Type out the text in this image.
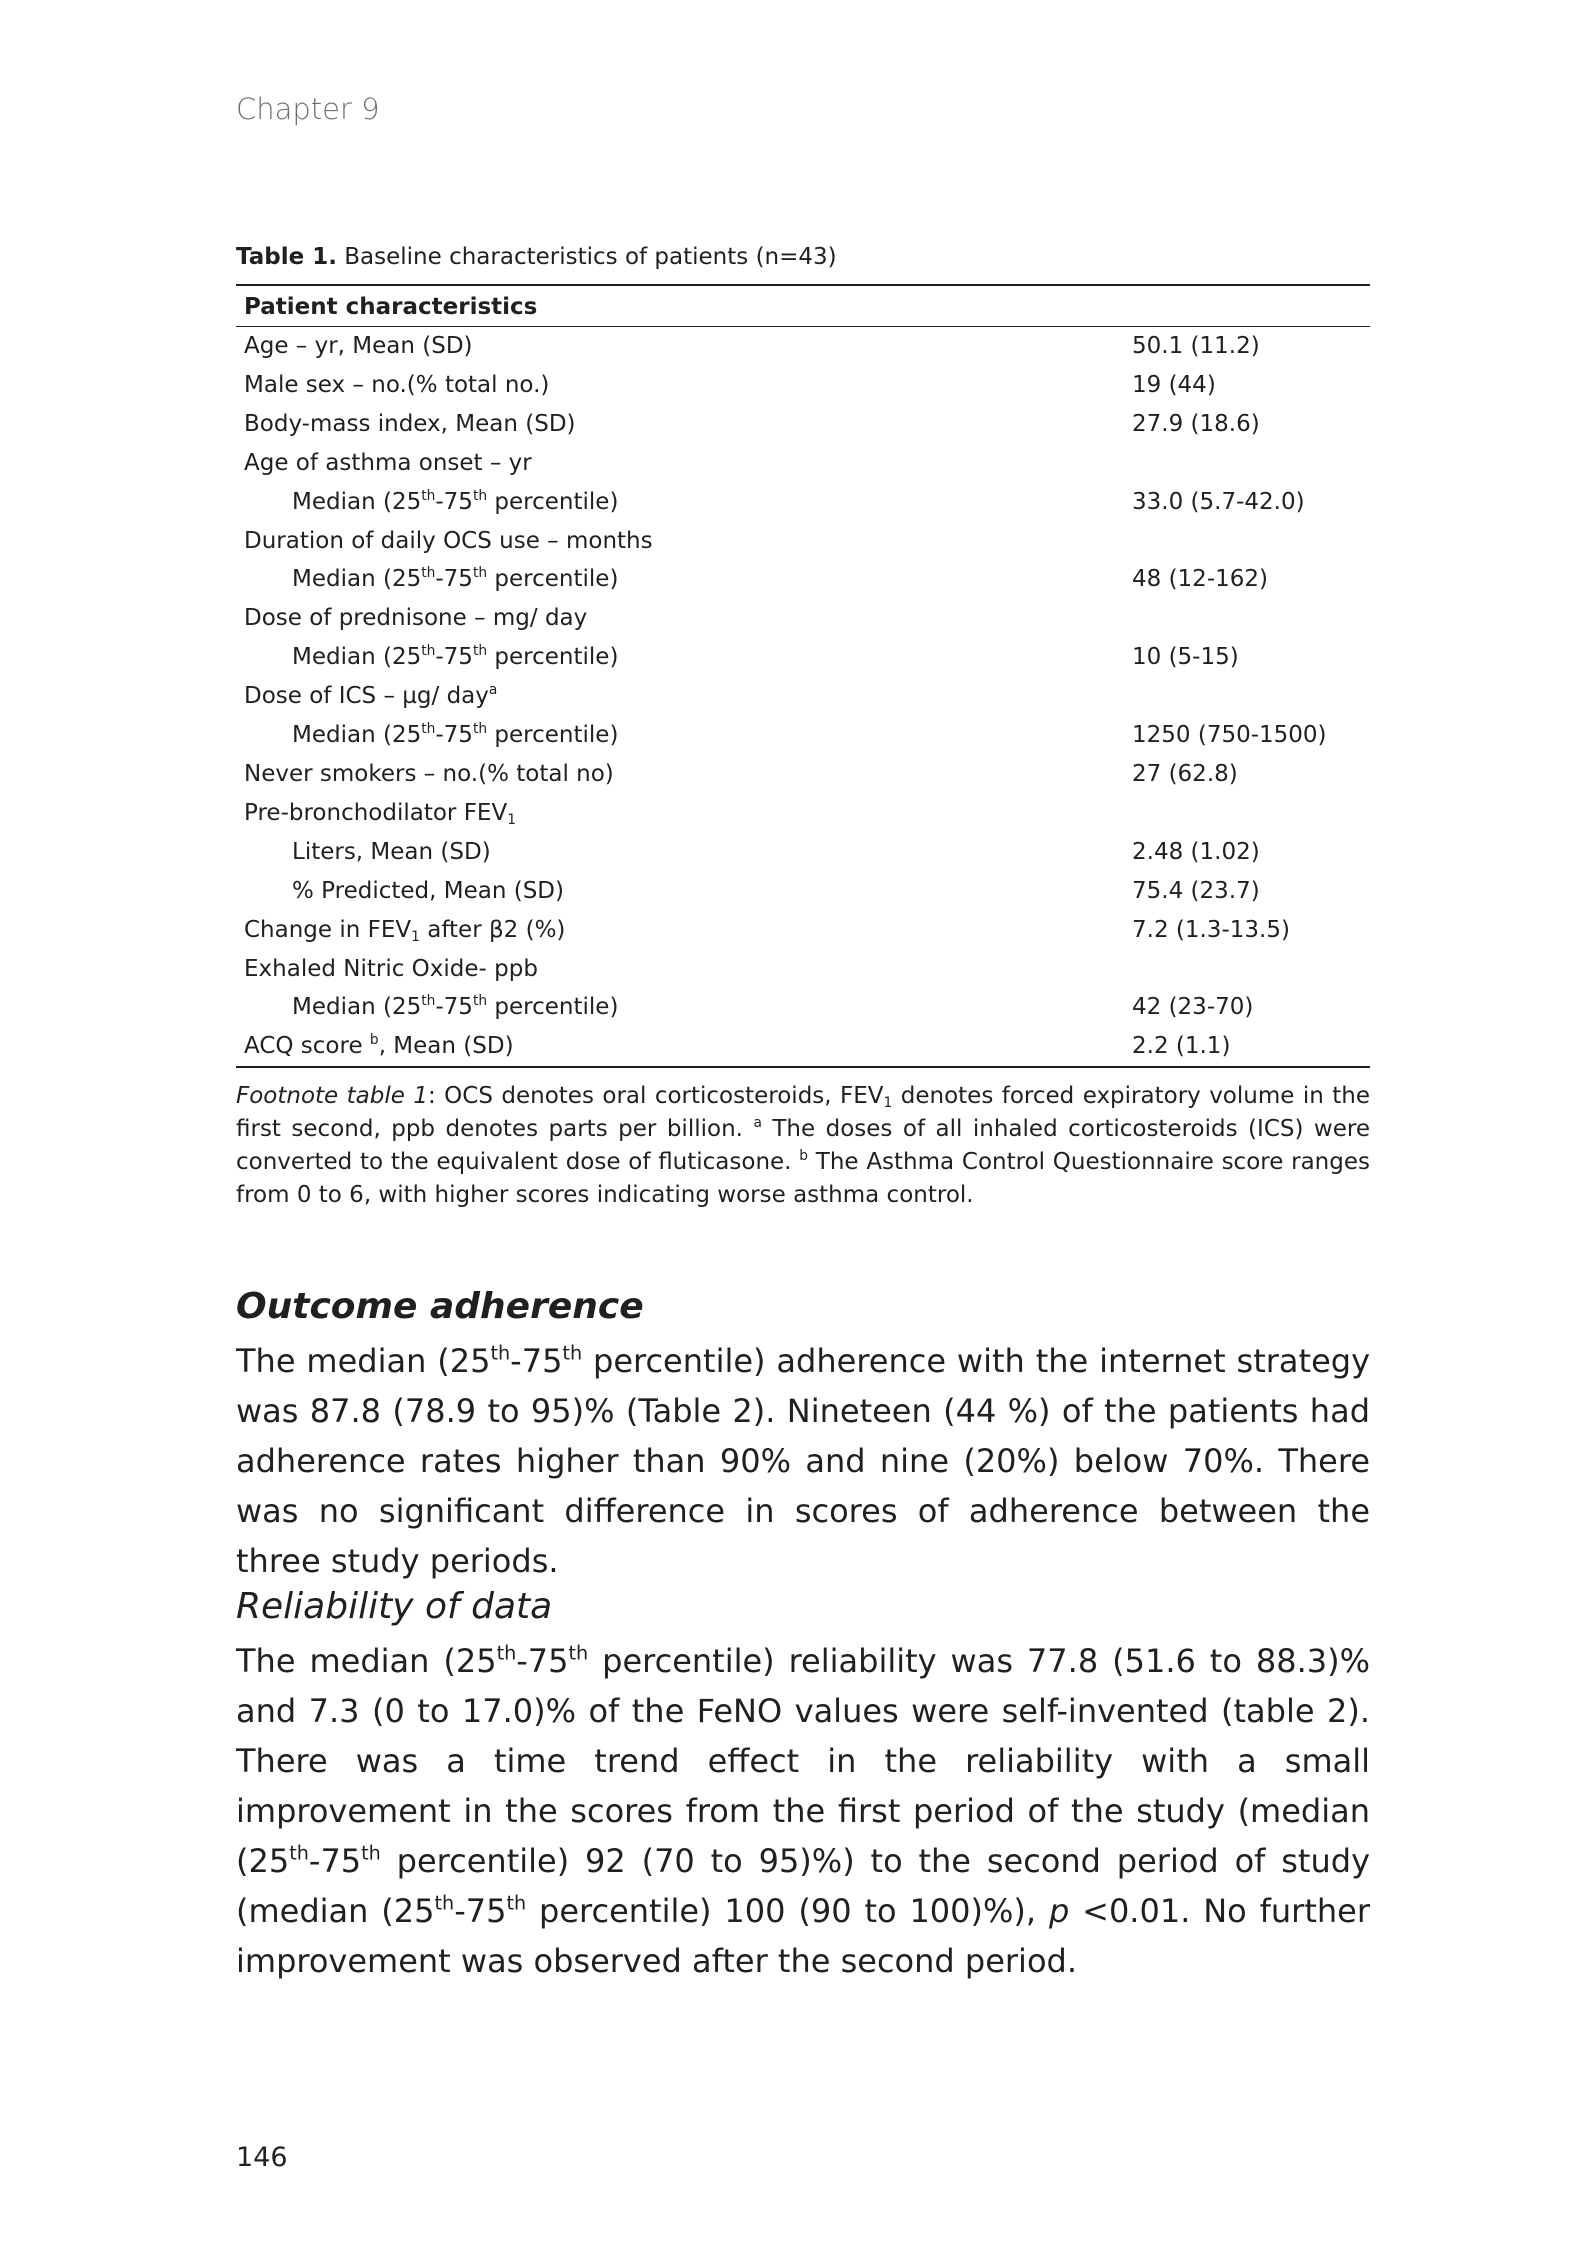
Chapter 9
Table 1. Baseline characteristics of patients (n=43)
Patient characteristics	
Age – yr, Mean (SD)	50.1 (11.2)
Male sex – no.(% total no.)	19 (44)
Body-mass index, Mean (SD)	27.9 (18.6)
Age of asthma onset – yr	
Median (25th-75th percentile)	33.0 (5.7-42.0)
Duration of daily OCS use – months	
Median (25th-75th percentile)	48 (12-162)
Dose of prednisone – mg/ day	
Median (25th-75th percentile)	10 (5-15)
Dose of ICS – µg/ day$^a$	
Median (25th-75th percentile)	1250 (750-1500)
Never smokers – no.(% total no)	27 (62.8)
Pre-bronchodilator $FEV_1$	
Liters, Mean (SD)	2.48 (1.02)
% Predicted, Mean (SD)	75.4 (23.7)
Change in $FEV_1$ after β2 (%)	7.2 (1.3-13.5)
Exhaled Nitric Oxide- ppb	
Median (25th-75th percentile)	42 (23-70)
ACQ score $^b$, Mean (SD)	2.2 (1.1)
Footnote table 1: OCS denotes oral corticosteroids, $FEV_1$ denotes forced expiratory volume in the first second, ppb denotes parts per billion. $^a$ The doses of all inhaled corticosteroids (ICS) were converted to the equivalent dose of fluticasone. $^b$ The Asthma Control Questionnaire score ranges from 0 to 6, with higher scores indicating worse asthma control.
Outcome adherence

The median (25th-75th percentile) adherence with the internet strategy was 87.8 (78.9 to 95)% (Table 2). Nineteen (44 %) of the patients had adherence rates higher than 90% and nine (20%) below 70%. There was no significant difference in scores of adherence between the three study periods.

Reliability of data

The median (25th-75th percentile) reliability was 77.8 (51.6 to 88.3)% and 7.3 (0 to 17.0)% of the FeNO values were self-invented (table 2). There was a time trend effect in the reliability with a small improvement in the scores from the first period of the study (median (25th-75th percentile) 92 (70 to 95)%) to the second period of study (median (25th-75th percentile) 100 (90 to 100)%), p <0.01. No further improvement was observed after the second period.

146
